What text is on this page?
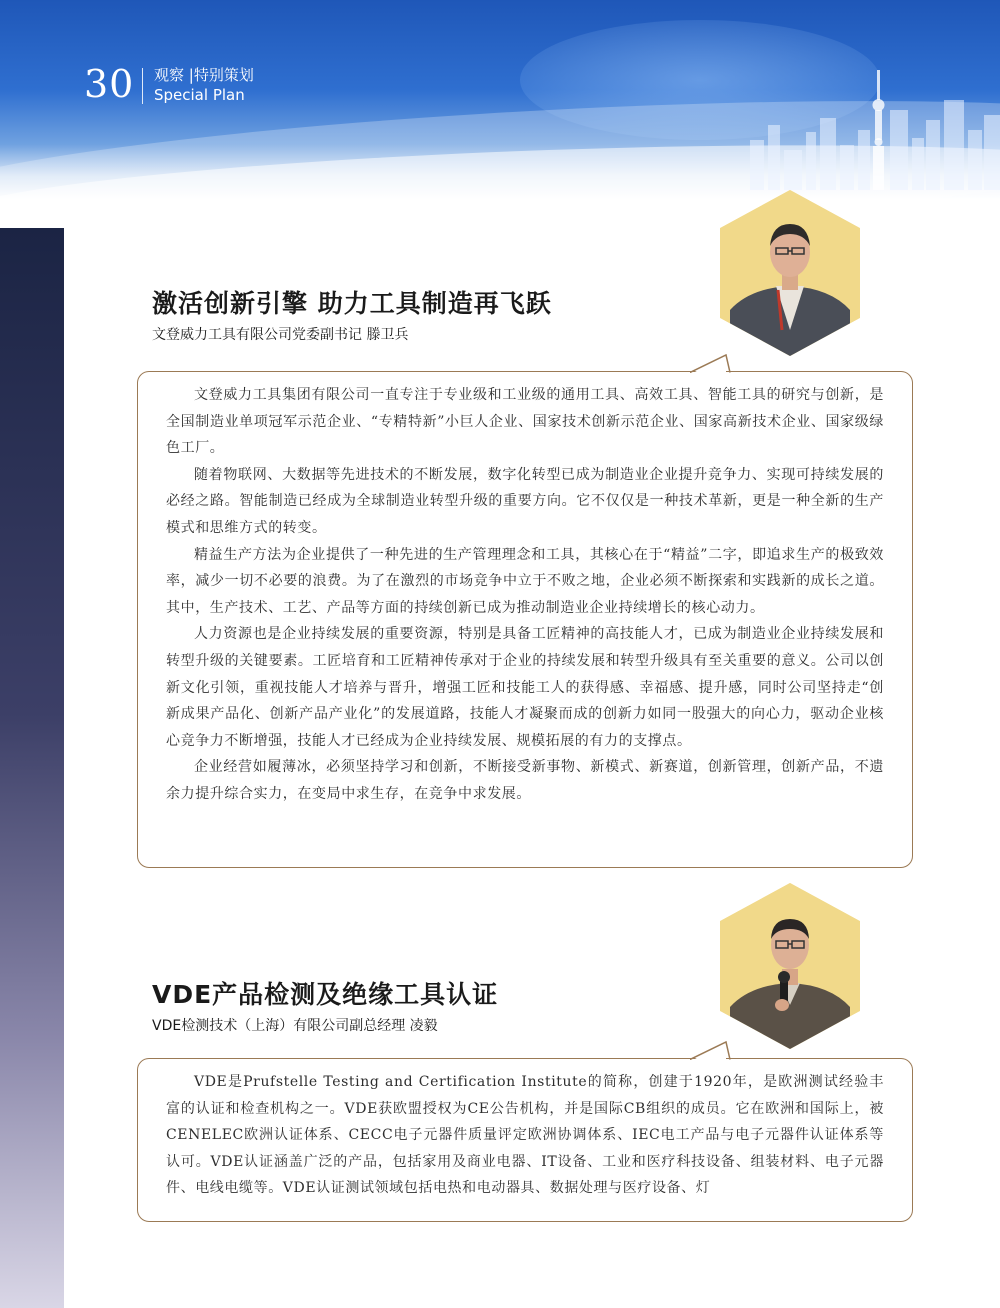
30 观察 |特别策划
Special Plan
激活创新引擎 助力工具制造再飞跃
文登威力工具有限公司党委副书记 滕卫兵

文登威力工具集团有限公司一直专注于专业级和工业级的通用工具、高效工具、智能工具的研究与创新，是全国制造业单项冠军示范企业、“专精特新”小巨人企业、国家技术创新示范企业、国家高新技术企业、国家级绿色工厂。

随着物联网、大数据等先进技术的不断发展，数字化转型已成为制造业企业提升竞争力、实现可持续发展的必经之路。智能制造已经成为全球制造业转型升级的重要方向。它不仅仅是一种技术革新，更是一种全新的生产模式和思维方式的转变。

精益生产方法为企业提供了一种先进的生产管理理念和工具，其核心在于“精益”二字，即追求生产的极致效率，减少一切不必要的浪费。为了在激烈的市场竞争中立于不败之地，企业必须不断探索和实践新的成长之道。其中，生产技术、工艺、产品等方面的持续创新已成为推动制造业企业持续增长的核心动力。

人力资源也是企业持续发展的重要资源，特别是具备工匠精神的高技能人才，已成为制造业企业持续发展和转型升级的关键要素。工匠培育和工匠精神传承对于企业的持续发展和转型升级具有至关重要的意义。公司以创新文化引领，重视技能人才培养与晋升，增强工匠和技能工人的获得感、幸福感、提升感，同时公司坚持走“创新成果产品化、创新产品产业化”的发展道路，技能人才凝聚而成的创新力如同一股强大的向心力，驱动企业核心竞争力不断增强，技能人才已经成为企业持续发展、规模拓展的有力的支撑点。

企业经营如履薄冰，必须坚持学习和创新，不断接受新事物、新模式、新赛道，创新管理，创新产品，不遗余力提升综合实力，在变局中求生存，在竞争中求发展。

VDE产品检测及绝缘工具认证
VDE检测技术（上海）有限公司副总经理 凌毅

VDE是Prufstelle Testing and Certification Institute的简称，创建于1920年，是欧洲测试经验丰富的认证和检查机构之一。VDE获欧盟授权为CE公告机构，并是国际CB组织的成员。它在欧洲和国际上，被CENELEC欧洲认证体系、CECC电子元器件质量评定欧洲协调体系、IEC电工产品与电子元器件认证体系等认可。VDE认证涵盖广泛的产品，包括家用及商业电器、IT设备、工业和医疗科技设备、组装材料、电子元器件、电线电缆等。VDE认证测试领域包括电热和电动器具、数据处理与医疗设备、灯
